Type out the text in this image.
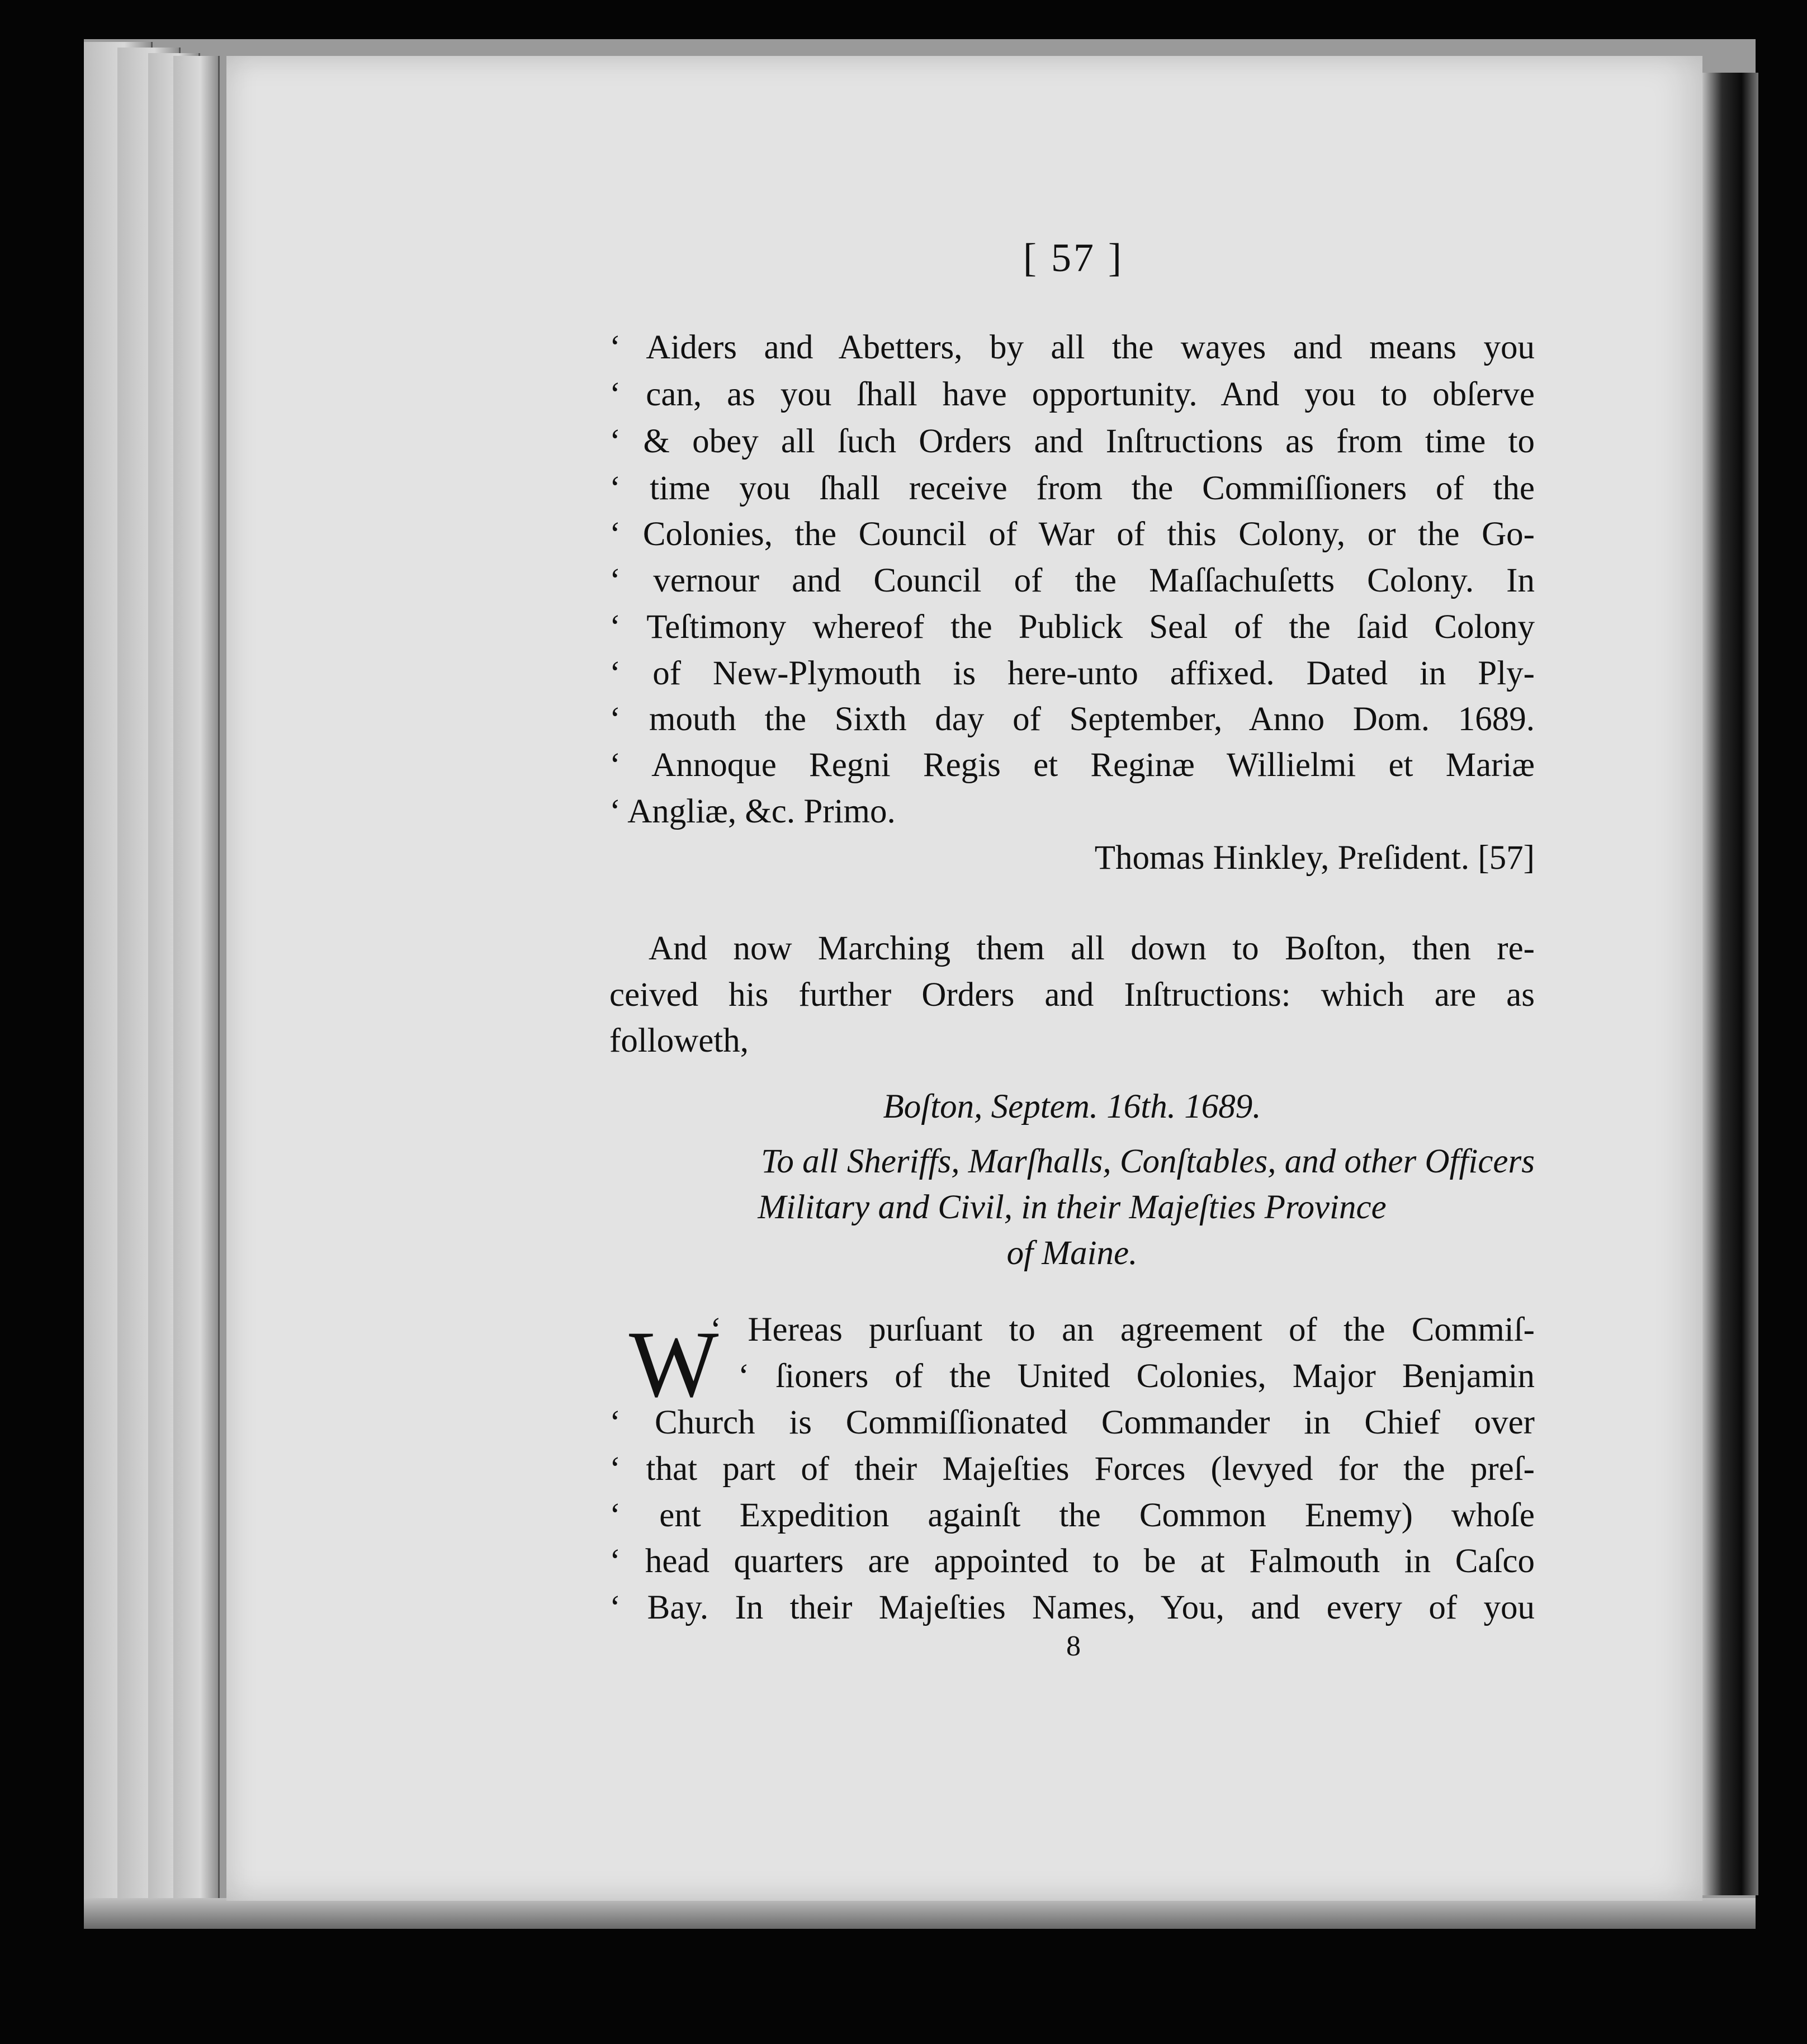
[ 57 ]
‘ Aiders and Abetters, by all the wayes and means you
‘ can, as you ſhall have opportunity. And you to obſerve
‘ & obey all ſuch Orders and Inſtructions as from time to
‘ time you ſhall receive from the Commiſſioners of the
‘ Colonies, the Council of War of this Colony, or the Go-
‘ vernour and Council of the Maſſachuſetts Colony. In
‘ Teſtimony whereof the Publick Seal of the ſaid Colony
‘ of New-Plymouth is here-unto affixed. Dated in Ply-
‘ mouth the Sixth day of September, Anno Dom. 1689.
‘ Annoque Regni Regis et Reginæ Willielmi et Mariæ
‘ Angliæ, &c. Primo.
Thomas Hinkley, Preſident. [57]
And now Marching them all down to Boſton, then re-
ceived his further Orders and Inſtructions: which are as
followeth,
Boſton, Septem. 16th. 1689.
To all Sheriffs, Marſhalls, Conſtables, and other Officers
Military and Civil, in their Majeſties Province
of Maine.
W
‘ Hereas purſuant to an agreement of the Commiſ-
‘ ſioners of the United Colonies, Major Benjamin
‘ Church is Commiſſionated Commander in Chief over
‘ that part of their Majeſties Forces (levyed for the preſ-
‘ ent Expedition againſt the Common Enemy) whoſe
‘ head quarters are appointed to be at Falmouth in Caſco
‘ Bay. In their Majeſties Names, You, and every of you
8
